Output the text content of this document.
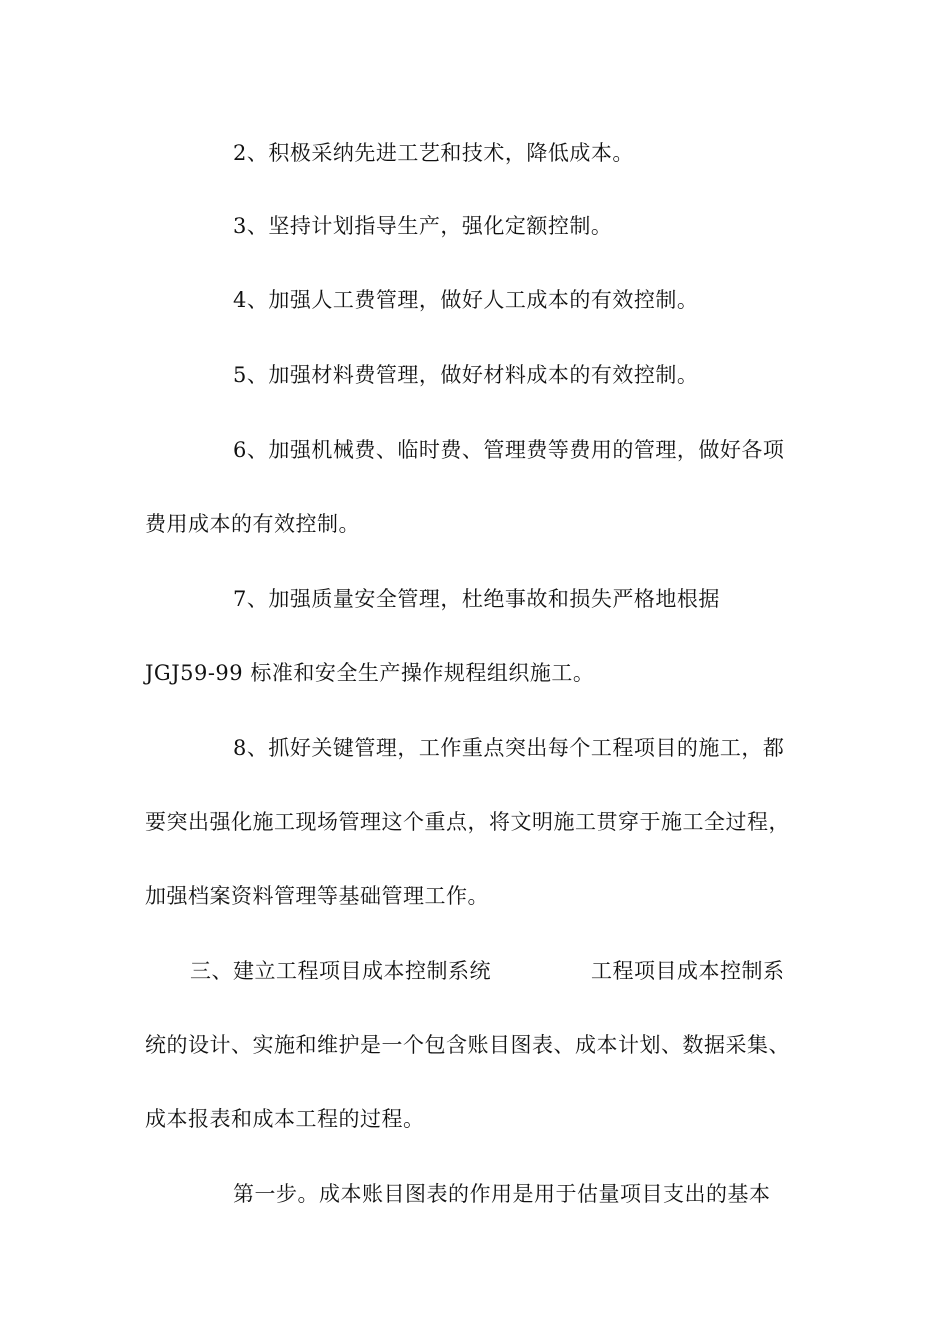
2、积极采纳先进工艺和技术，降低成本。
3、坚持计划指导生产，强化定额控制。
4、加强人工费管理，做好人工成本的有效控制。
5、加强材料费管理，做好材料成本的有效控制。
6、加强机械费、临时费、管理费等费用的管理，做好各项
费用成本的有效控制。
7、加强质量安全管理，杜绝事故和损失严格地根据
JGJ59-99 标准和安全生产操作规程组织施工。
8、抓好关键管理，工作重点突出每个工程项目的施工，都
要突出强化施工现场管理这个重点，将文明施工贯穿于施工全过程，
加强档案资料管理等基础管理工作。
三、建立工程项目成本控制系统	工程项目成本控制系
统的设计、实施和维护是一个包含账目图表、成本计划、数据采集、
成本报表和成本工程的过程。
第一步。成本账目图表的作用是用于估量项目支出的基本
